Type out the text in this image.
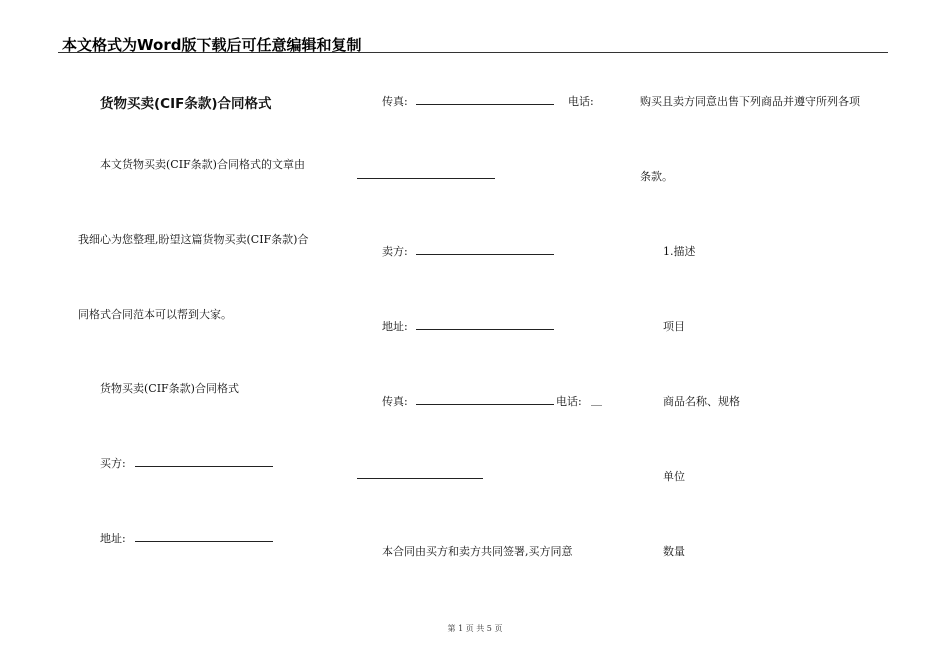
本文格式为Word版下载后可任意编辑和复制
货物买卖(CIF条款)合同格式
本文货物买卖(CIF条款)合同格式的文章由
我细心为您整理,盼望这篇货物买卖(CIF条款)合
同格式合同范本可以帮到大家。
货物买卖(CIF条款)合同格式
买方:
地址:
传真:	电话:
卖方:
地址:
传真:	电话: __
本合同由买方和卖方共同签署,买方同意
购买且卖方同意出售下列商品并遵守所列各项
条款。
1.描述
项目
商品名称、规格
单位
数量
第 1 页 共 5 页
